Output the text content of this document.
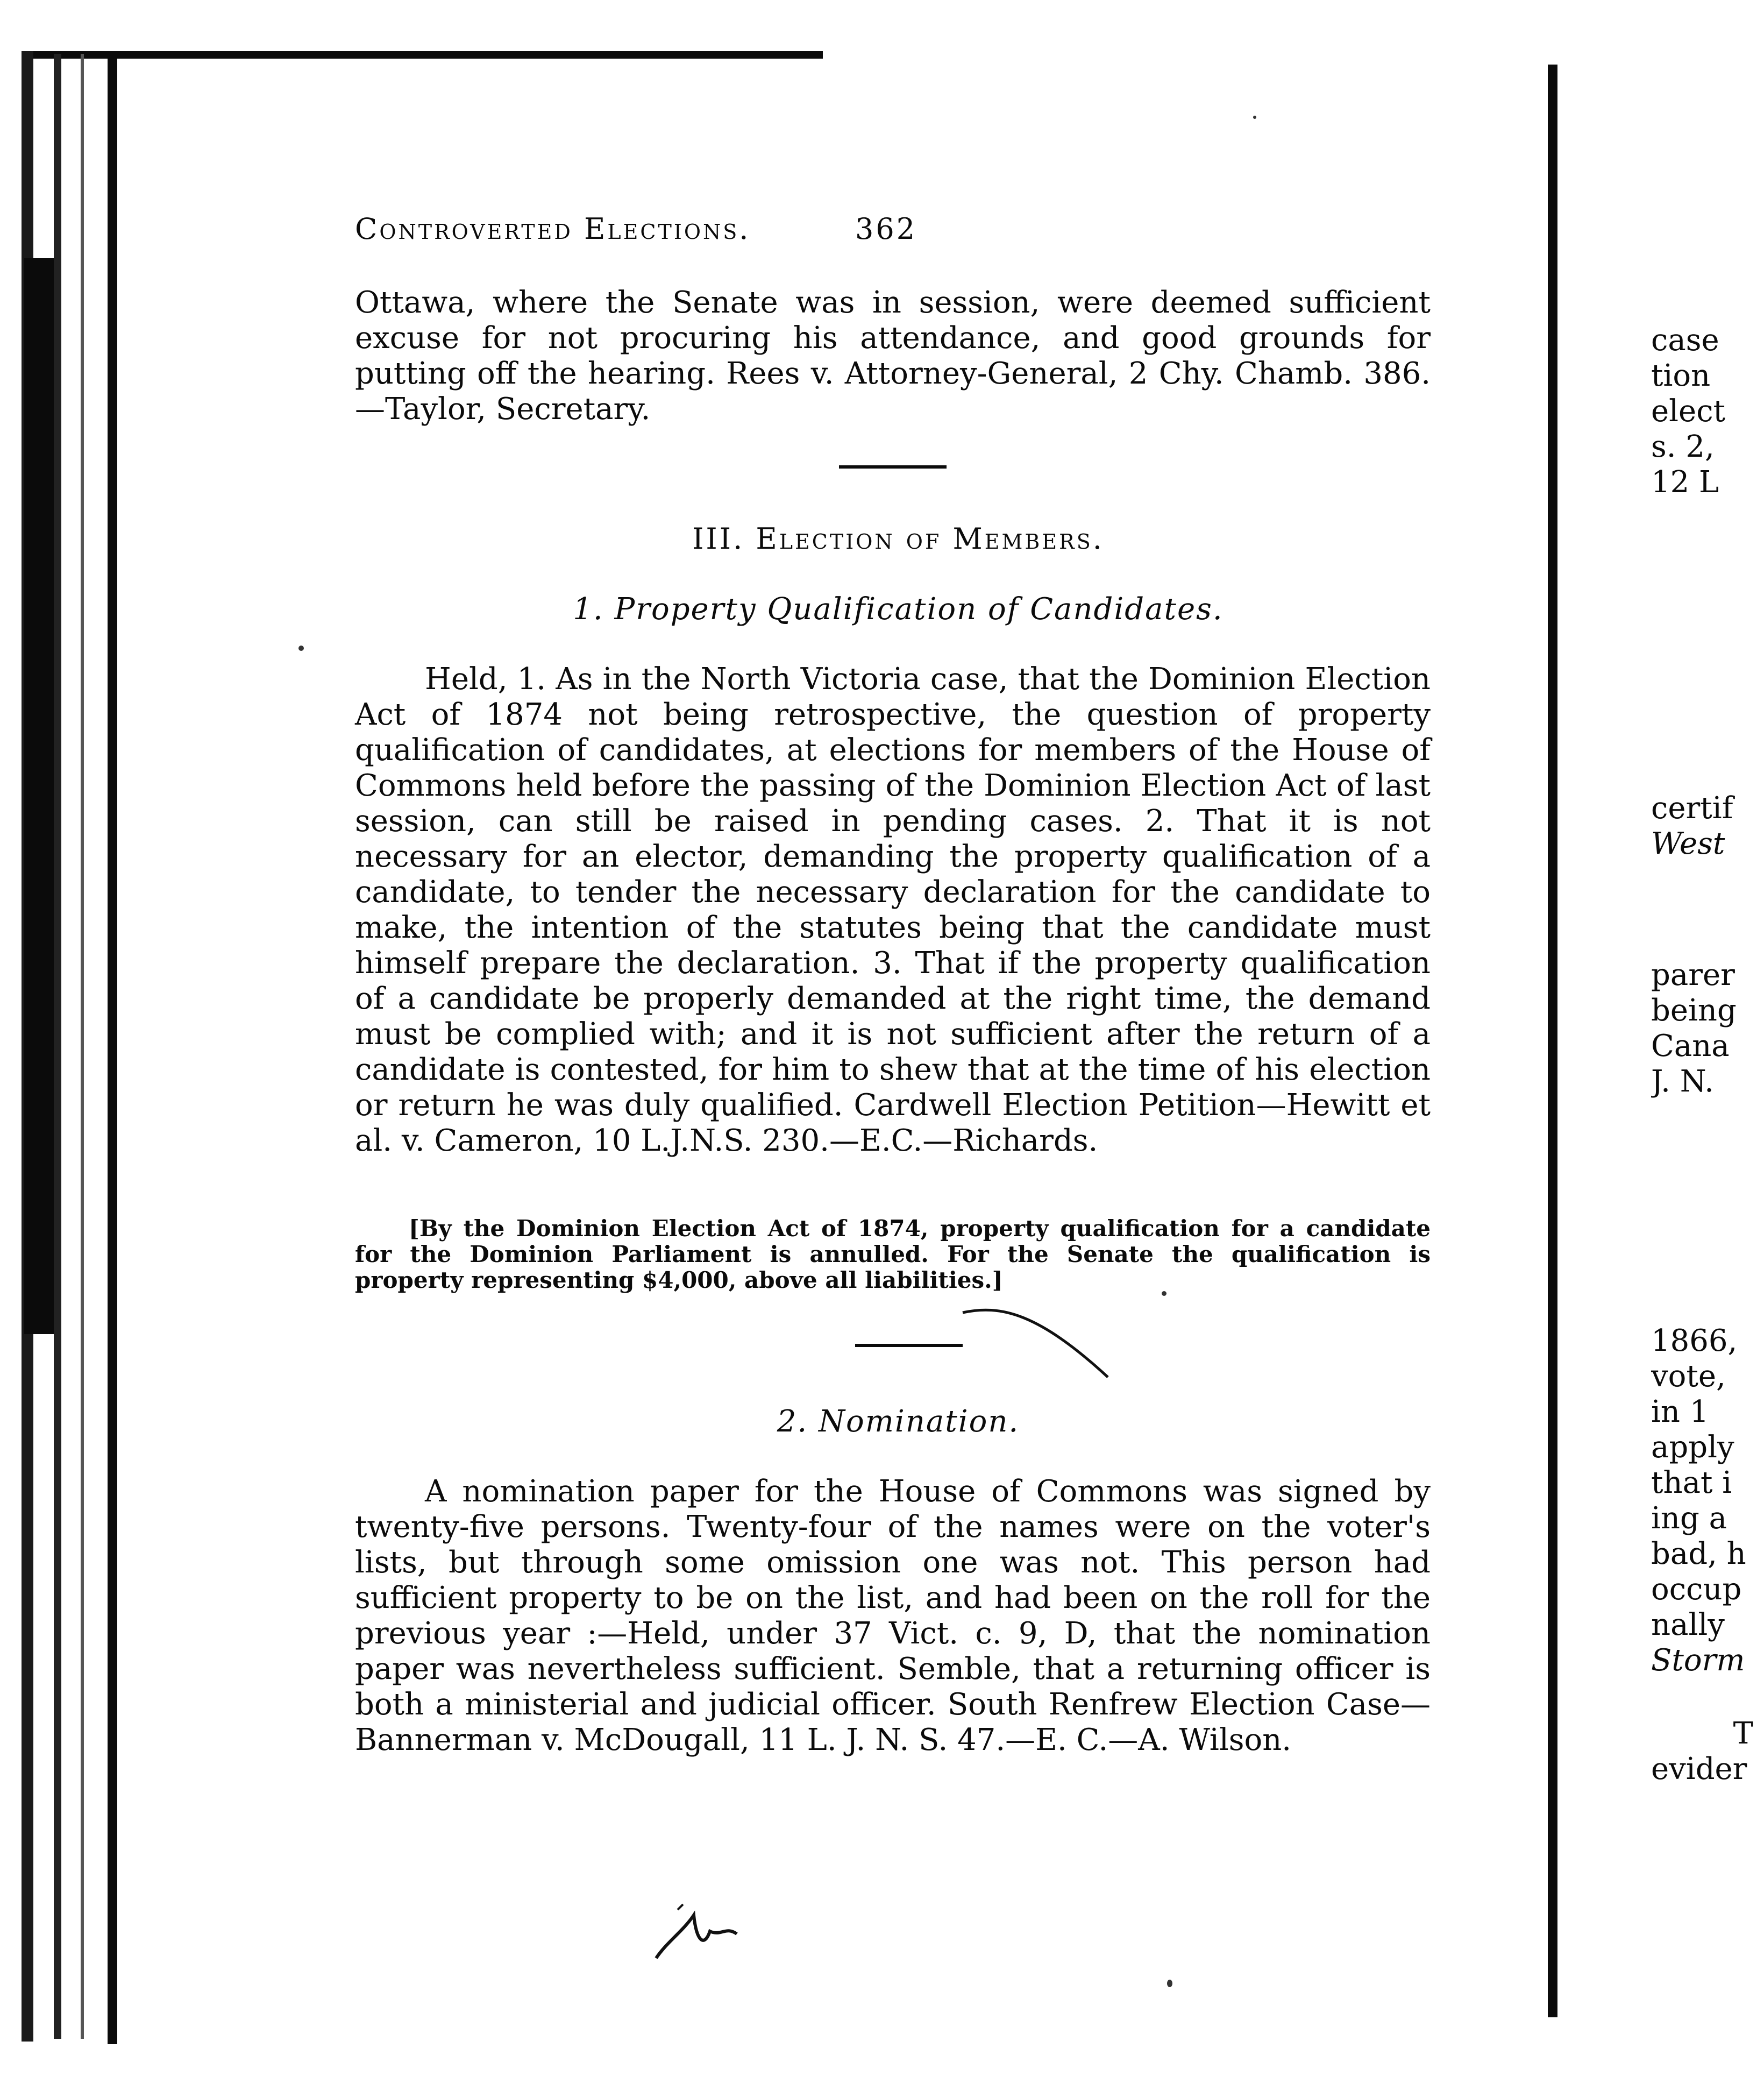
Controverted Elections.	362
Ottawa, where the Senate was in session, were deemed sufficient excuse for not procuring his attendance, and good grounds for putting off the hearing. Rees v. Attorney-General, 2 Chy. Chamb. 386.—Taylor, Secretary.
III. Election of Members.
1. Property Qualification of Candidates.
Held, 1. As in the North Victoria case, that the Dominion Election Act of 1874 not being retrospective, the question of property qualification of candidates, at elections for members of the House of Commons held before the passing of the Dominion Election Act of last session, can still be raised in pending cases. 2. That it is not necessary for an elector, demanding the property qualification of a candidate, to tender the necessary declaration for the candidate to make, the intention of the statutes being that the candidate must himself prepare the declaration. 3. That if the property qualification of a candidate be properly demanded at the right time, the demand must be complied with; and it is not sufficient after the return of a candidate is contested, for him to shew that at the time of his election or return he was duly qualified. Cardwell Election Petition—Hewitt et al. v. Cameron, 10 L.J.N.S. 230.—E.C.—Richards.
[By the Dominion Election Act of 1874, property qualification for a candidate for the Dominion Parliament is annulled. For the Senate the qualification is property representing $4,000, above all liabilities.]
2. Nomination.
A nomination paper for the House of Commons was signed by twenty-five persons. Twenty-four of the names were on the voter's lists, but through some omission one was not. This person had sufficient property to be on the list, and had been on the roll for the previous year :—Held, under 37 Vict. c. 9, D, that the nomination paper was nevertheless sufficient. Semble, that a returning officer is both a ministerial and judicial officer. South Renfrew Election Case—Bannerman v. McDougall, 11 L. J. N. S. 47.—E. C.—A. Wilson.
case
tion
elect
s. 2,
12 L
certif
West
parer
being
Cana
J. N.
1866,
vote,
in 1
apply
that i
ing a
bad, h
occup
nally
Storm
T
evider
